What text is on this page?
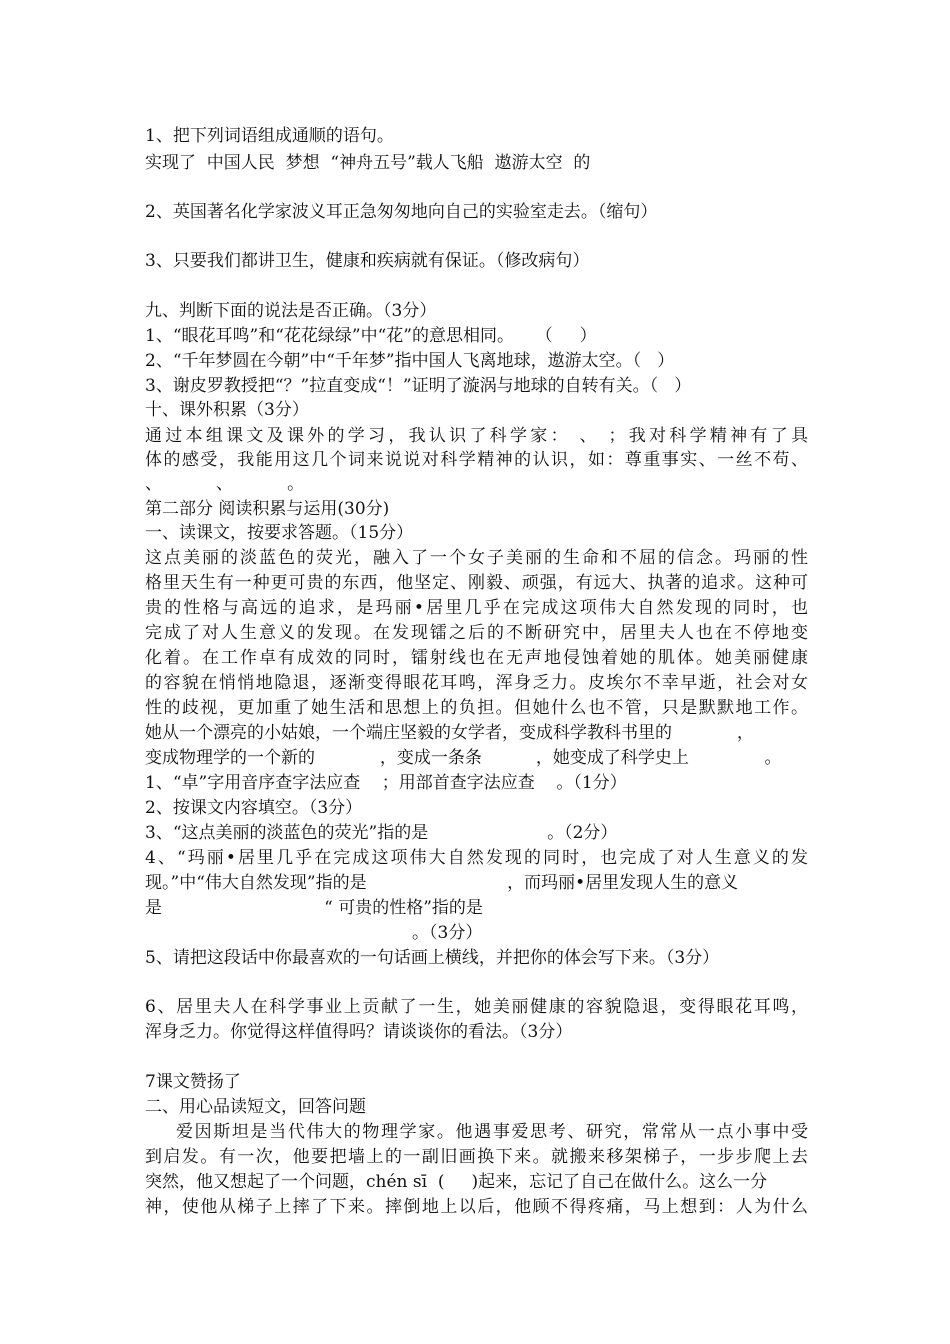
1、把下列词语组成通顺的语句。
实现了  中国人民  梦想  “神舟五号”载人飞船  遨游太空  的
2、英国著名化学家波义耳正急匆匆地向自己的实验室走去。（缩句）
3、只要我们都讲卫生，健康和疾病就有保证。（修改病句）
九、判断下面的说法是否正确。（3分）
1、“眼花耳鸣”和“花花绿绿”中“花”的意思相同。    （     ）
2、“千年梦圆在今朝”中“千年梦”指中国人飞离地球，遨游太空。（   ）
3、谢皮罗教授把“？”拉直变成“！”证明了漩涡与地球的自转有关。（   ）
十、课外积累（3分）
通过本组课文及课外的学习，我认识了科学家： 、 ；我对科学精神有了具
体的感受，我能用这几个词来说说对科学精神的认识，如：尊重事实、一丝不苟、
、          、          。
第二部分 阅读积累与运用(30分)
一、读课文，按要求答题。（15分）
这点美丽的淡蓝色的荧光，融入了一个女子美丽的生命和不屈的信念。玛丽的性
格里天生有一种更可贵的东西，他坚定、刚毅、顽强，有远大、执著的追求。这种可
贵的性格与高远的追求，是玛丽•居里几乎在完成这项伟大自然发现的同时，也
完成了对人生意义的发现。在发现镭之后的不断研究中，居里夫人也在不停地变
化着。在工作卓有成效的同时，镭射线也在无声地侵蚀着她的肌体。她美丽健康
的容貌在悄悄地隐退，逐渐变得眼花耳鸣，浑身乏力。皮埃尔不幸早逝，社会对女
性的歧视，更加重了她生活和思想上的负担。但她什么也不管，只是默默地工作。
她从一个漂亮的小姑娘，一个端庄坚毅的女学者，变成科学教科书里的            ，
变成物理学的一个新的            ，变成一条条          ，她变成了科学史上              。
1、“卓”字用音序查字法应查    ；用部首查字法应查    。（1分）
2、按课文内容填空。（3分）
3、“这点美丽的淡蓝色的荧光”指的是                      。（2分）
4、“玛丽•居里几乎在完成这项伟大自然发现的同时，也完成了对人生意义的发
现。”中“伟大自然发现”指的是                          ，而玛丽•居里发现人生的意义
是                              “ 可贵的性格”指的是
。（3分）
5、请把这段话中你最喜欢的一句话画上横线，并把你的体会写下来。（3分）
6、居里夫人在科学事业上贡献了一生，她美丽健康的容貌隐退，变得眼花耳鸣，
浑身乏力。你觉得这样值得吗？请谈谈你的看法。（3分）
7课文赞扬了
二、用心品读短文，回答问题
爱因斯坦是当代伟大的物理学家。他遇事爱思考、研究，常常从一点小事中受
到启发。有一次，他要把墙上的一副旧画换下来。就搬来移架梯子，一步步爬上去
突然，他又想起了一个问题，chén sī  (     )起来，忘记了自己在做什么。这么一分
神，使他从梯子上摔了下来。摔倒地上以后，他顾不得疼痛，马上想到：人为什么
